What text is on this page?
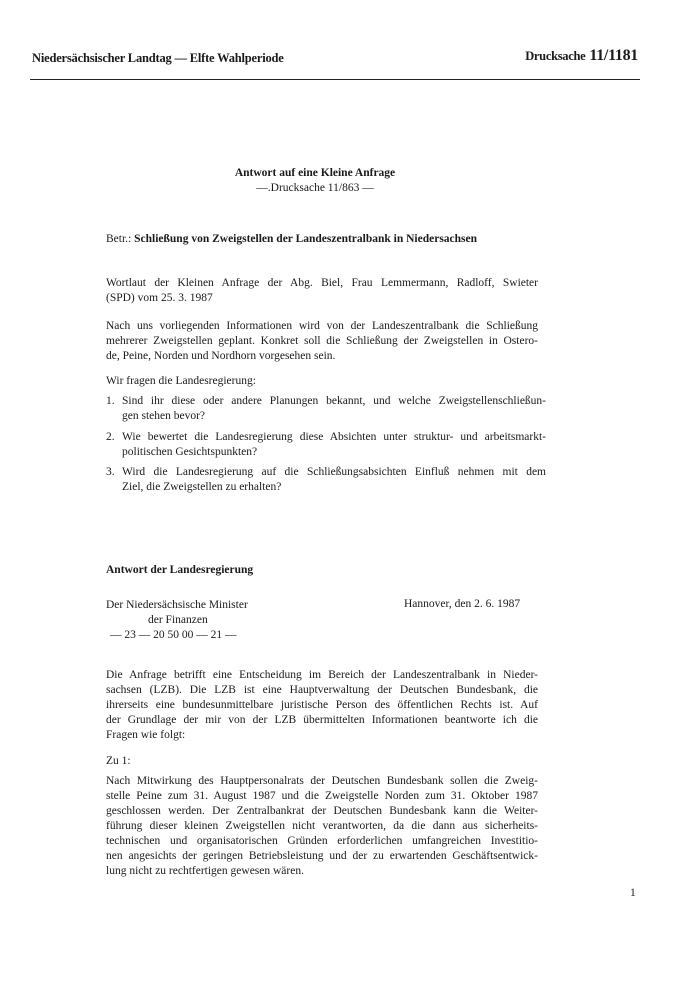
Niedersächsischer Landtag — Elfte Wahlperiode	Drucksache 11/1181
Antwort auf eine Kleine Anfrage
—.Drucksache 11/863 —
Betr.: Schließung von Zweigstellen der Landeszentralbank in Niedersachsen
Wortlaut der Kleinen Anfrage der Abg. Biel, Frau Lemmermann, Radloff, Swieter
(SPD) vom 25. 3. 1987
Nach uns vorliegenden Informationen wird von der Landeszentralbank die Schließung
mehrerer Zweigstellen geplant. Konkret soll die Schließung der Zweigstellen in Ostero-
de, Peine, Norden und Nordhorn vorgesehen sein.
Wir fragen die Landesregierung:
1. Sind ihr diese oder andere Planungen bekannt, und welche Zweigstellenschließun-
gen stehen bevor?
2. Wie bewertet die Landesregierung diese Absichten unter struktur- und arbeitsmarkt-
politischen Gesichtspunkten?
3. Wird die Landesregierung auf die Schließungsabsichten Einfluß nehmen mit dem
Ziel, die Zweigstellen zu erhalten?
Antwort der Landesregierung
Der Niedersächsische Minister
der Finanzen
— 23 — 20 50 00 — 21 —
Hannover, den 2. 6. 1987
Die Anfrage betrifft eine Entscheidung im Bereich der Landeszentralbank in Nieder-
sachsen (LZB). Die LZB ist eine Hauptverwaltung der Deutschen Bundesbank, die
ihrerseits eine bundesunmittelbare juristische Person des öffentlichen Rechts ist. Auf
der Grundlage der mir von der LZB übermittelten Informationen beantworte ich die
Fragen wie folgt:
Zu 1:
Nach Mitwirkung des Hauptpersonalrats der Deutschen Bundesbank sollen die Zweig-
stelle Peine zum 31. August 1987 und die Zweigstelle Norden zum 31. Oktober 1987
geschlossen werden. Der Zentralbankrat der Deutschen Bundesbank kann die Weiter-
führung dieser kleinen Zweigstellen nicht verantworten, da die dann aus sicherheits-
technischen und organisatorischen Gründen erforderlichen umfangreichen Investitio-
nen angesichts der geringen Betriebsleistung und der zu erwartenden Geschäftsentwick-
lung nicht zu rechtfertigen gewesen wären.
1
